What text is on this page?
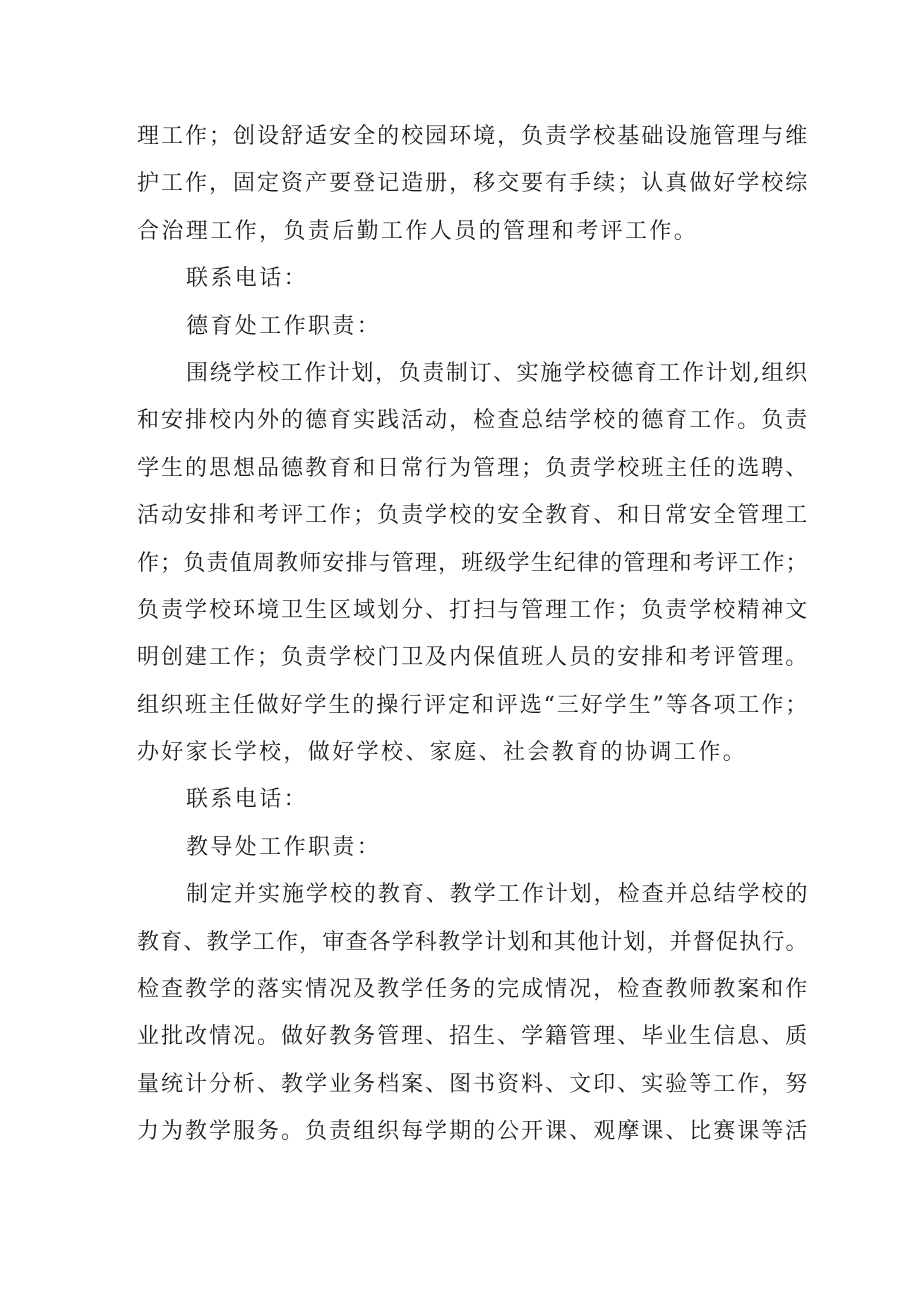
理工作；创设舒适安全的校园环境，负责学校基础设施管理与维
护工作，固定资产要登记造册，移交要有手续；认真做好学校综
合治理工作，负责后勤工作人员的管理和考评工作。
联系电话：
德育处工作职责：
围绕学校工作计划，负责制订、实施学校德育工作计划,组织
和安排校内外的德育实践活动，检查总结学校的德育工作。负责
学生的思想品德教育和日常行为管理；负责学校班主任的选聘、
活动安排和考评工作；负责学校的安全教育、和日常安全管理工
作；负责值周教师安排与管理，班级学生纪律的管理和考评工作；
负责学校环境卫生区域划分、打扫与管理工作；负责学校精神文
明创建工作；负责学校门卫及内保值班人员的安排和考评管理。
组织班主任做好学生的操行评定和评选“三好学生”等各项工作；
办好家长学校，做好学校、家庭、社会教育的协调工作。
联系电话：
教导处工作职责：
制定并实施学校的教育、教学工作计划，检查并总结学校的
教育、教学工作，审查各学科教学计划和其他计划，并督促执行。
检查教学的落实情况及教学任务的完成情况，检查教师教案和作
业批改情况。做好教务管理、招生、学籍管理、毕业生信息、质
量统计分析、教学业务档案、图书资料、文印、实验等工作，努
力为教学服务。负责组织每学期的公开课、观摩课、比赛课等活
